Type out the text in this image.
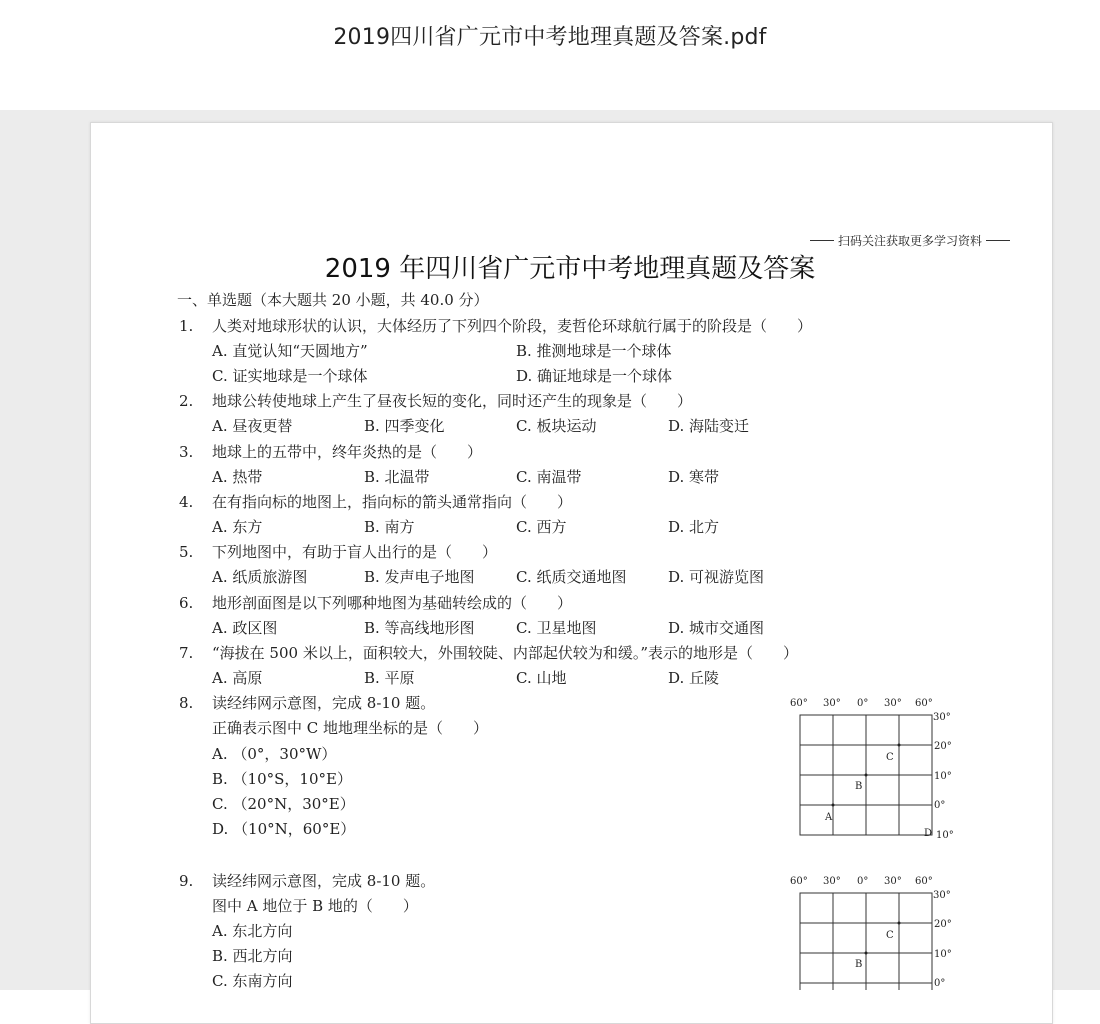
2019四川省广元市中考地理真题及答案.pdf
扫码关注获取更多学习资料
2019 年四川省广元市中考地理真题及答案
一、单选题（本大题共 20 小题，共 40.0 分）
1. 人类对地球形状的认识，大体经历了下列四个阶段，麦哲伦环球航行属于的阶段是（　　）
A. 直觉认知“天圆地方”	B. 推测地球是一个球体
C. 证实地球是一个球体	D. 确证地球是一个球体
2. 地球公转使地球上产生了昼夜长短的变化，同时还产生的现象是（　　）
A. 昼夜更替	B. 四季变化	C. 板块运动	D. 海陆变迁
3. 地球上的五带中，终年炎热的是（　　）
A. 热带	B. 北温带	C. 南温带	D. 寒带
4. 在有指向标的地图上，指向标的箭头通常指向（　　）
A. 东方	B. 南方	C. 西方	D. 北方
5. 下列地图中，有助于盲人出行的是（　　）
A. 纸质旅游图	B. 发声电子地图	C. 纸质交通地图	D. 可视游览图
6. 地形剖面图是以下列哪种地图为基础转绘成的（　　）
A. 政区图	B. 等高线地形图	C. 卫星地图	D. 城市交通图
7. “海拔在 500 米以上，面积较大，外围较陡、内部起伏较为和缓。”表示的地形是（　　）
A. 高原	B. 平原	C. 山地	D. 丘陵
8. 读经纬网示意图，完成 8-10 题。
正确表示图中 C 地地理坐标的是（　　）
A. （0°，30°W）
B. （10°S，10°E）
C. （20°N，30°E）
D. （10°N，60°E）
9. 读经纬网示意图，完成 8-10 题。
图中 A 地位于 B 地的（　　）
A. 东北方向
B. 西北方向
C. 东南方向
60° 30° 0° 30° 60°
30°
20°
10°
0°
10°
C
B
A
D
60° 30° 0° 30° 60°
30°
20°
10°
0°
C
B
